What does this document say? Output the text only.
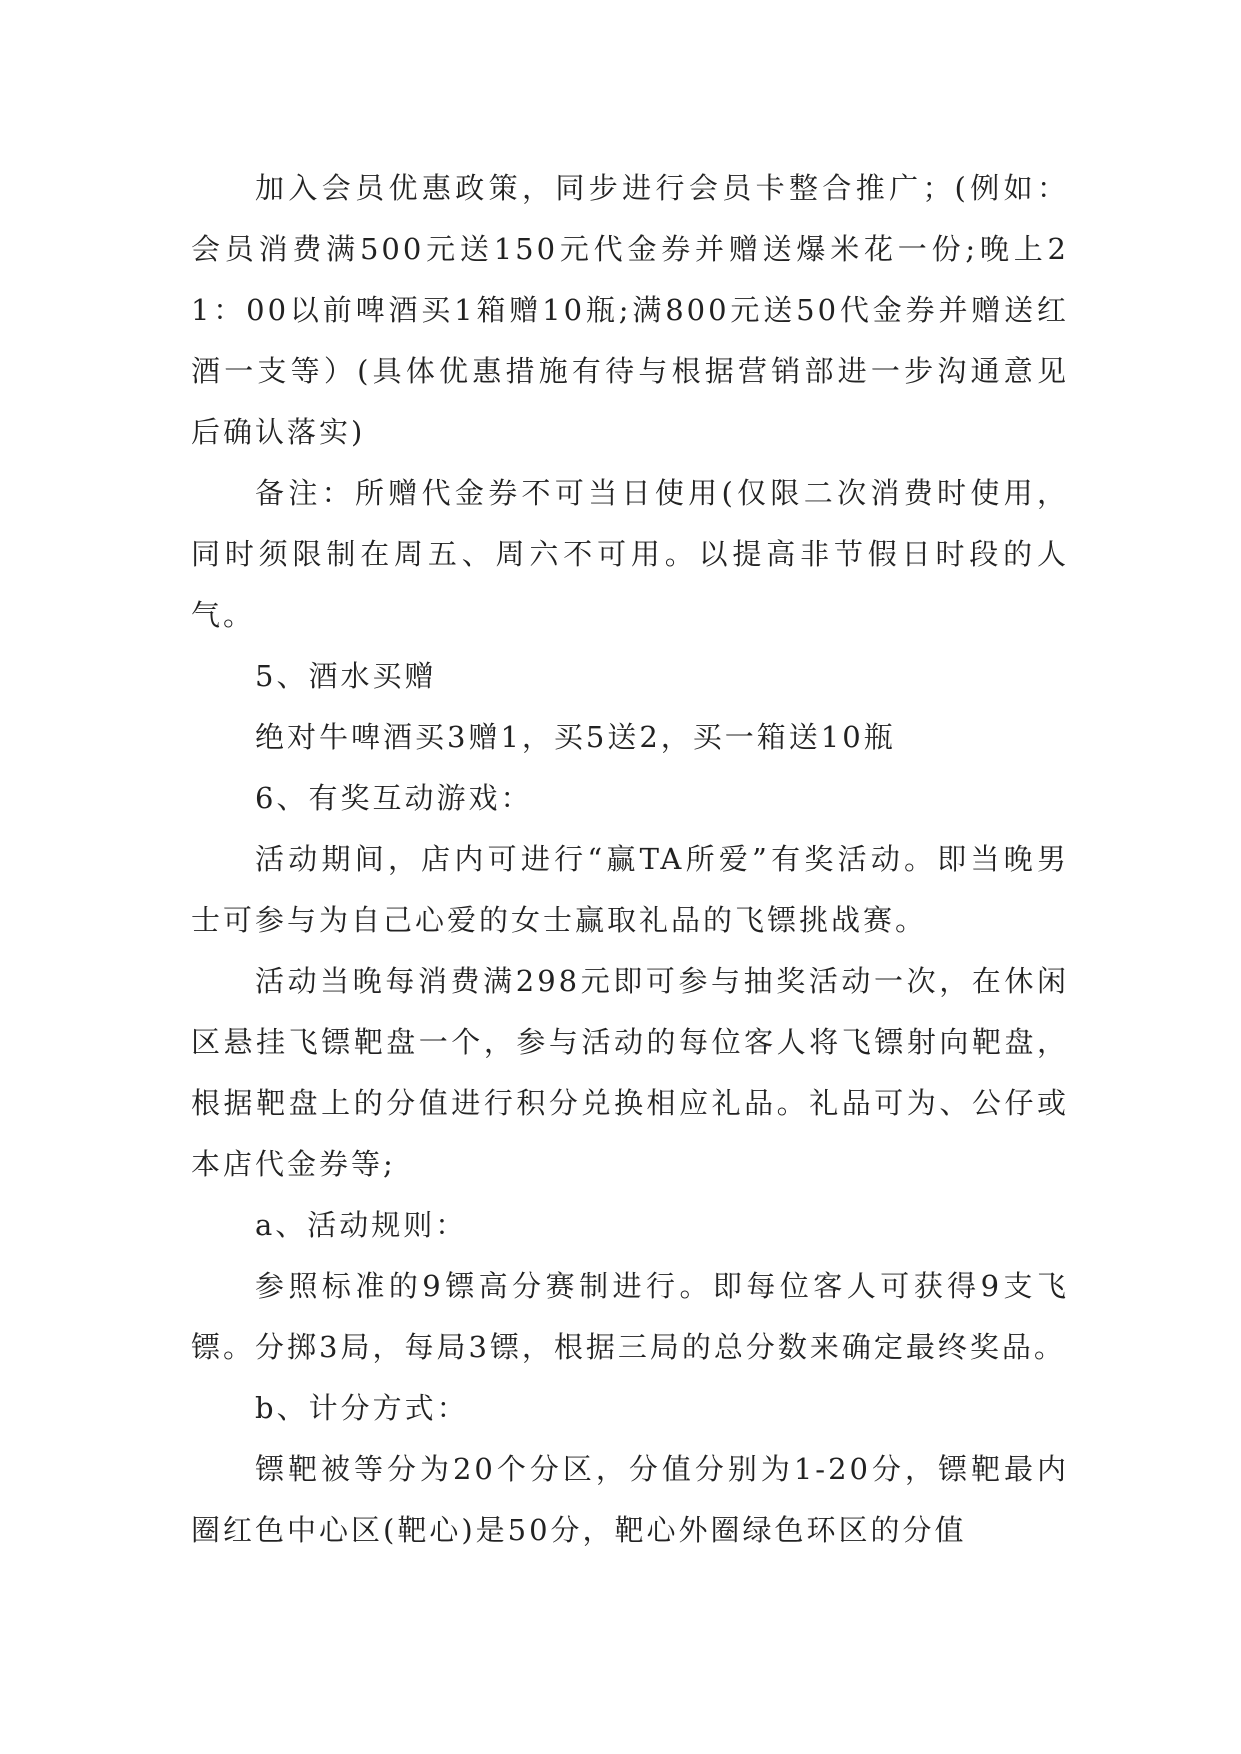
加入会员优惠政策，同步进行会员卡整合推广；(例如：会员消费满500元送150元代金券并赠送爆米花一份;晚上21：00以前啤酒买1箱赠10瓶;满800元送50代金券并赠送红酒一支等）(具体优惠措施有待与根据营销部进一步沟通意见后确认落实)

备注：所赠代金券不可当日使用(仅限二次消费时使用，同时须限制在周五、周六不可用。以提高非节假日时段的人气。

5、酒水买赠

绝对牛啤酒买3赠1，买5送2，买一箱送10瓶

6、有奖互动游戏：

活动期间，店内可进行“赢TA所爱”有奖活动。即当晚男士可参与为自己心爱的女士赢取礼品的飞镖挑战赛。

活动当晚每消费满298元即可参与抽奖活动一次，在休闲区悬挂飞镖靶盘一个，参与活动的每位客人将飞镖射向靶盘，根据靶盘上的分值进行积分兑换相应礼品。礼品可为、公仔或本店代金券等;

a、活动规则：

参照标准的9镖高分赛制进行。即每位客人可获得9支飞镖。分掷3局，每局3镖，根据三局的总分数来确定最终奖品。

b、计分方式：

镖靶被等分为20个分区，分值分别为1-20分，镖靶最内圈红色中心区(靶心)是50分，靶心外圈绿色环区的分值
